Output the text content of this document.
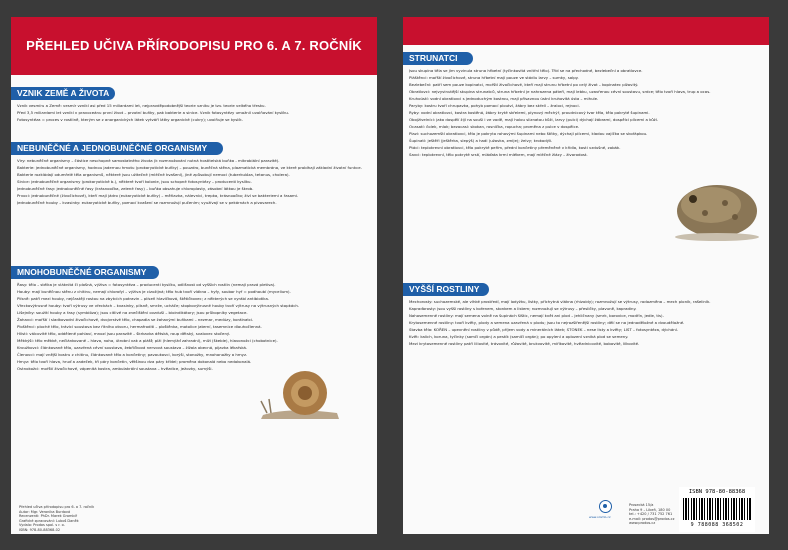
PŘEHLED UČIVA PŘÍRODOPISU PRO 6. A 7. ROČNÍK
VZNIK ZEMĚ A ŽIVOTA

Vznik vesmíru a Země: vesmír vznikl asi před 15 miliardami let, nejpravděpodobnější teorie vzniku je tzv. teorie velkého třesku.

Před 3,5 miliardami let vznikl v pravoceánu první život – prvotní buňky, pak bakterie a sinice. Vznik fotosyntézy umožnil uvolňování kyslíku.

Fotosyntéza = proces v rostlině, kterým se z anorganických látek vytváří látky organické (cukry); uvolňuje se kyslík.

NEBUNĚČNÉ A JEDNOBUNĚČNÉ ORGANISMY

Viry: nebuněčné organismy – částice neschopné samostatného života (k rozmnožování nutná hostitelská buňka - mikrobiální parazité).

Bakterie: jednobuněčné organismy, hodnou jadernou hmotu (prokaryotické buňky) – pouzdro, buněčná stěna, plazmatická membrána, ve které probíhají základní životní funkce.

Bakterie rozkládají odumřelé těla organismů, některé jsou užitečné (mléčné kvašení), jiné způsobují nemoci (tuberkulóza, tetanus, cholera).

Sinice: jednobuněčné organismy (prokaryotické b.), některé tvoří kolonie, jsou schopné fotosyntézy – producenti kyslíku.

Jednobuněčné řasy: jednobuněčné řasy (krásnoočka, zelené řasy) – buňka obsahuje chloroplasty, zásobní látkou je škrob.

Prvoci: jednobuněčné (živočichové), kteří mají jádro (eukaryotické buňky) – měňavka, nálevníci, trepka, krásnoočko; živí se bakteriemi a řasami.

Jednobuněčné houby – kvasinky: eukaryotické buňky, pomocí kvašení se rozmnožují pučením; využívají se v pekárnách a pivovarech.

MNOHOBUNĚČNÉ ORGANISMY

Řasy: tělo – stélka je vláknitá či plošná, výživa = fotosyntéza – producenti kyslíku, odlišnost od vyšších rostlin (nemají pravá pletiva).

Houby: mají buněčnou stěnu z chitinu, nemají chlorofyl – výživa je cizožijná; tělo hub tvoří vlákna – hyfy, soubor hyf = podhoubí (mycelium).

Plísně: patří mezi houby, nejčastěji rostou na zbytcích potravin – plíseň hlavičková, štětičkovec; z některých se vyrábí antibiotika.

Vřeckovýtrusné houby: tvoří výtrusy ve vřeckách – kvasinky, plísně, smrže, ucháče; stopkovýtrusné houby tvoří výtrusy na výtrusných stopkách.

Lišejníky: soužití houby a řasy (symbióza); jsou citlivé na znečištění ovzduší – bioindikátory; jsou průkopníky vegetace.

Žahavci: mořští i sladkovodní živočichové, dvojvrstvé tělo, chapadla se žahavými buňkami – nezmar, medúzy, korálnatci.

Ploštěnci: ploché tělo, trávicí soustava bez řitního otvoru, hermafroditi – ploštěnka, motolice jaterní, tasemnice dlouhočlenná.

Hlísti: válcovité tělo, oddělené pohlaví, mnozí jsou parazité – škrkavka dětská, roup dětský, svalovec stočený.

Měkkýši: tělo měkké, nečlánkované – hlava, noha, útrobní vak a plášť; plži (hlemýžď zahradní), mlži (škeble), hlavonožci (chobotnice).

Kroužkovci: článkované tělo, uzavřená cévní soustava, žebříčková nervová soustava – žížala obecná, pijavka lékařská.

Členovci: mají vnější kostru z chitinu, článkované tělo a končetiny; pavoukovci, korýši, stonožky, mnohonožky a hmyz.

Hmyz: tělo tvoří hlava, hruď a zadeček, tři páry končetin, většinou dva páry křídel; proměna dokonalá nebo nedokonalá.

Ostnokožci: mořští živočichové, vápenitá kostra, ambulakrální soustava – hvězdice, ježovky, sumýši.

Přehled učiva přírodopisu pro 6. a 7. ročník
Autor: Mgr. Veronika Burdová
Recenzenti: PhDr. Marek Grombíř
Grafické zpracování: Luboš Daněk
Vydalo: Prodos spol. s r. o.
ISBN: 978-80-88368-02
STRUNATCI

Jsou skupina těla se jim vyvinula struna hřbetní (tyčinkovitá vnitřní tělo). Tříd se na přechodné, bezlebeční a obratlovce.

Pláštěnci: mořští živočichové, struna hřbetní mají pouze ve stádiu larvy – sumky, salpy.

Bezlebeční: patří sem pouze kopinatci, mořští živočichové, kteří mají strunu hřbetní po celý život – kopinatec plžovitý.

Obratlovci: nejvyvinutější skupina strunatců, struna hřbetní je nahrazena páteří, mají lebku, uzavřenou cévní soustavu, srdce; tělo tvoří hlava, trup a ocas.

Kruhoústí: vodní obratlovci s jednoduchým kostrou, mají přísavnou ústní kruhovitá ústa – mihule.

Paryby: kostru tvoří chrupavka, pohyb pomocí ploutví, žábry bez skřelí – žraloci, rejnoci.

Ryby: vodní obratlovci, kostra kostěná, žábry kryté skřelemi, plynový měchýř, proudnicový tvar těla, tělo pokryté šupinami.

Obojživelníci: jako dospělí žijí na souši i ve vodě, mají holou sliznatou kůži, larvy (pulci) dýchají žábrami, dospělci plícemi a kůží.

Ocasatí: čolek, mlok; bezocasí: skokan, rosnička, ropucha; proměna z pulce v dospělce.

Plazi: suchozemští obratlovci, tělo je pokryto rohovými šupinami nebo štítky, dýchají plícemi, kladou vajíčka se skořápkou.

Šupinatí: ještěři (ještěrka, slepýš) a hadi (užovka, zmije); želvy; krokodýli.

Ptáci: teplokrevní obratlovci, tělo pokryté peřím, přední končetiny přeměněné v křídla, kosti vzdušné, zobák.

Savci: teplokrevní, tělo pokryté srstí, mláďata krmí mlékem, mají mléčné žlázy – živorodost.

VYŠŠÍ ROSTLINY

Mechorosty: suchozemské, ale vlhké prostředí, mají lodyžku, lístky, příchytná vlákna (rhizoidy); rozmnožují se výtrusy, rodozměna – mech ploník, rašeliník.

Kapraďorosty: jsou vyšší rostliny s kořenem, stonkem a listem; rozmnožují se výtrusy – přesličky, plavuně, kapradiny.

Nahosemenné rostliny: mají semena volně na šupinách šištic, nemají květ ani plod – jehličnany (smrk, borovice, modřín, jedle, tis).

Krytosemenné rostliny: tvoří květy, plody a semena uzavřená v plodu; jsou to nejrozšířenější rostliny; dělí se na jednoděložné a dvouděložné.

Stavba těla: KOŘEN – upevnění rostliny v půdě, příjem vody a minerálních látek; STONEK – nese listy a květy; LIST – fotosyntéza, dýchání.

Květ: kalich, koruna, tyčinky (samčí orgán) a pestík (samičí orgán); po opylení a oplození vzniká plod se semeny.

Mezi krytosemenné rostliny patří liliovité, trávovité, růžovité, brukvovité, miříkovité, hvězdnicovité, bobovité, lilkovité.

www.olomb.cz
Prosecká 15/a
Praha 9 – Libeň, 180 00
tel.: +420 / 731 752 761
e-mail: prodos@prodos.cz
www.prodos.cz
ISBN 978-80-88368
9 788088 368502
